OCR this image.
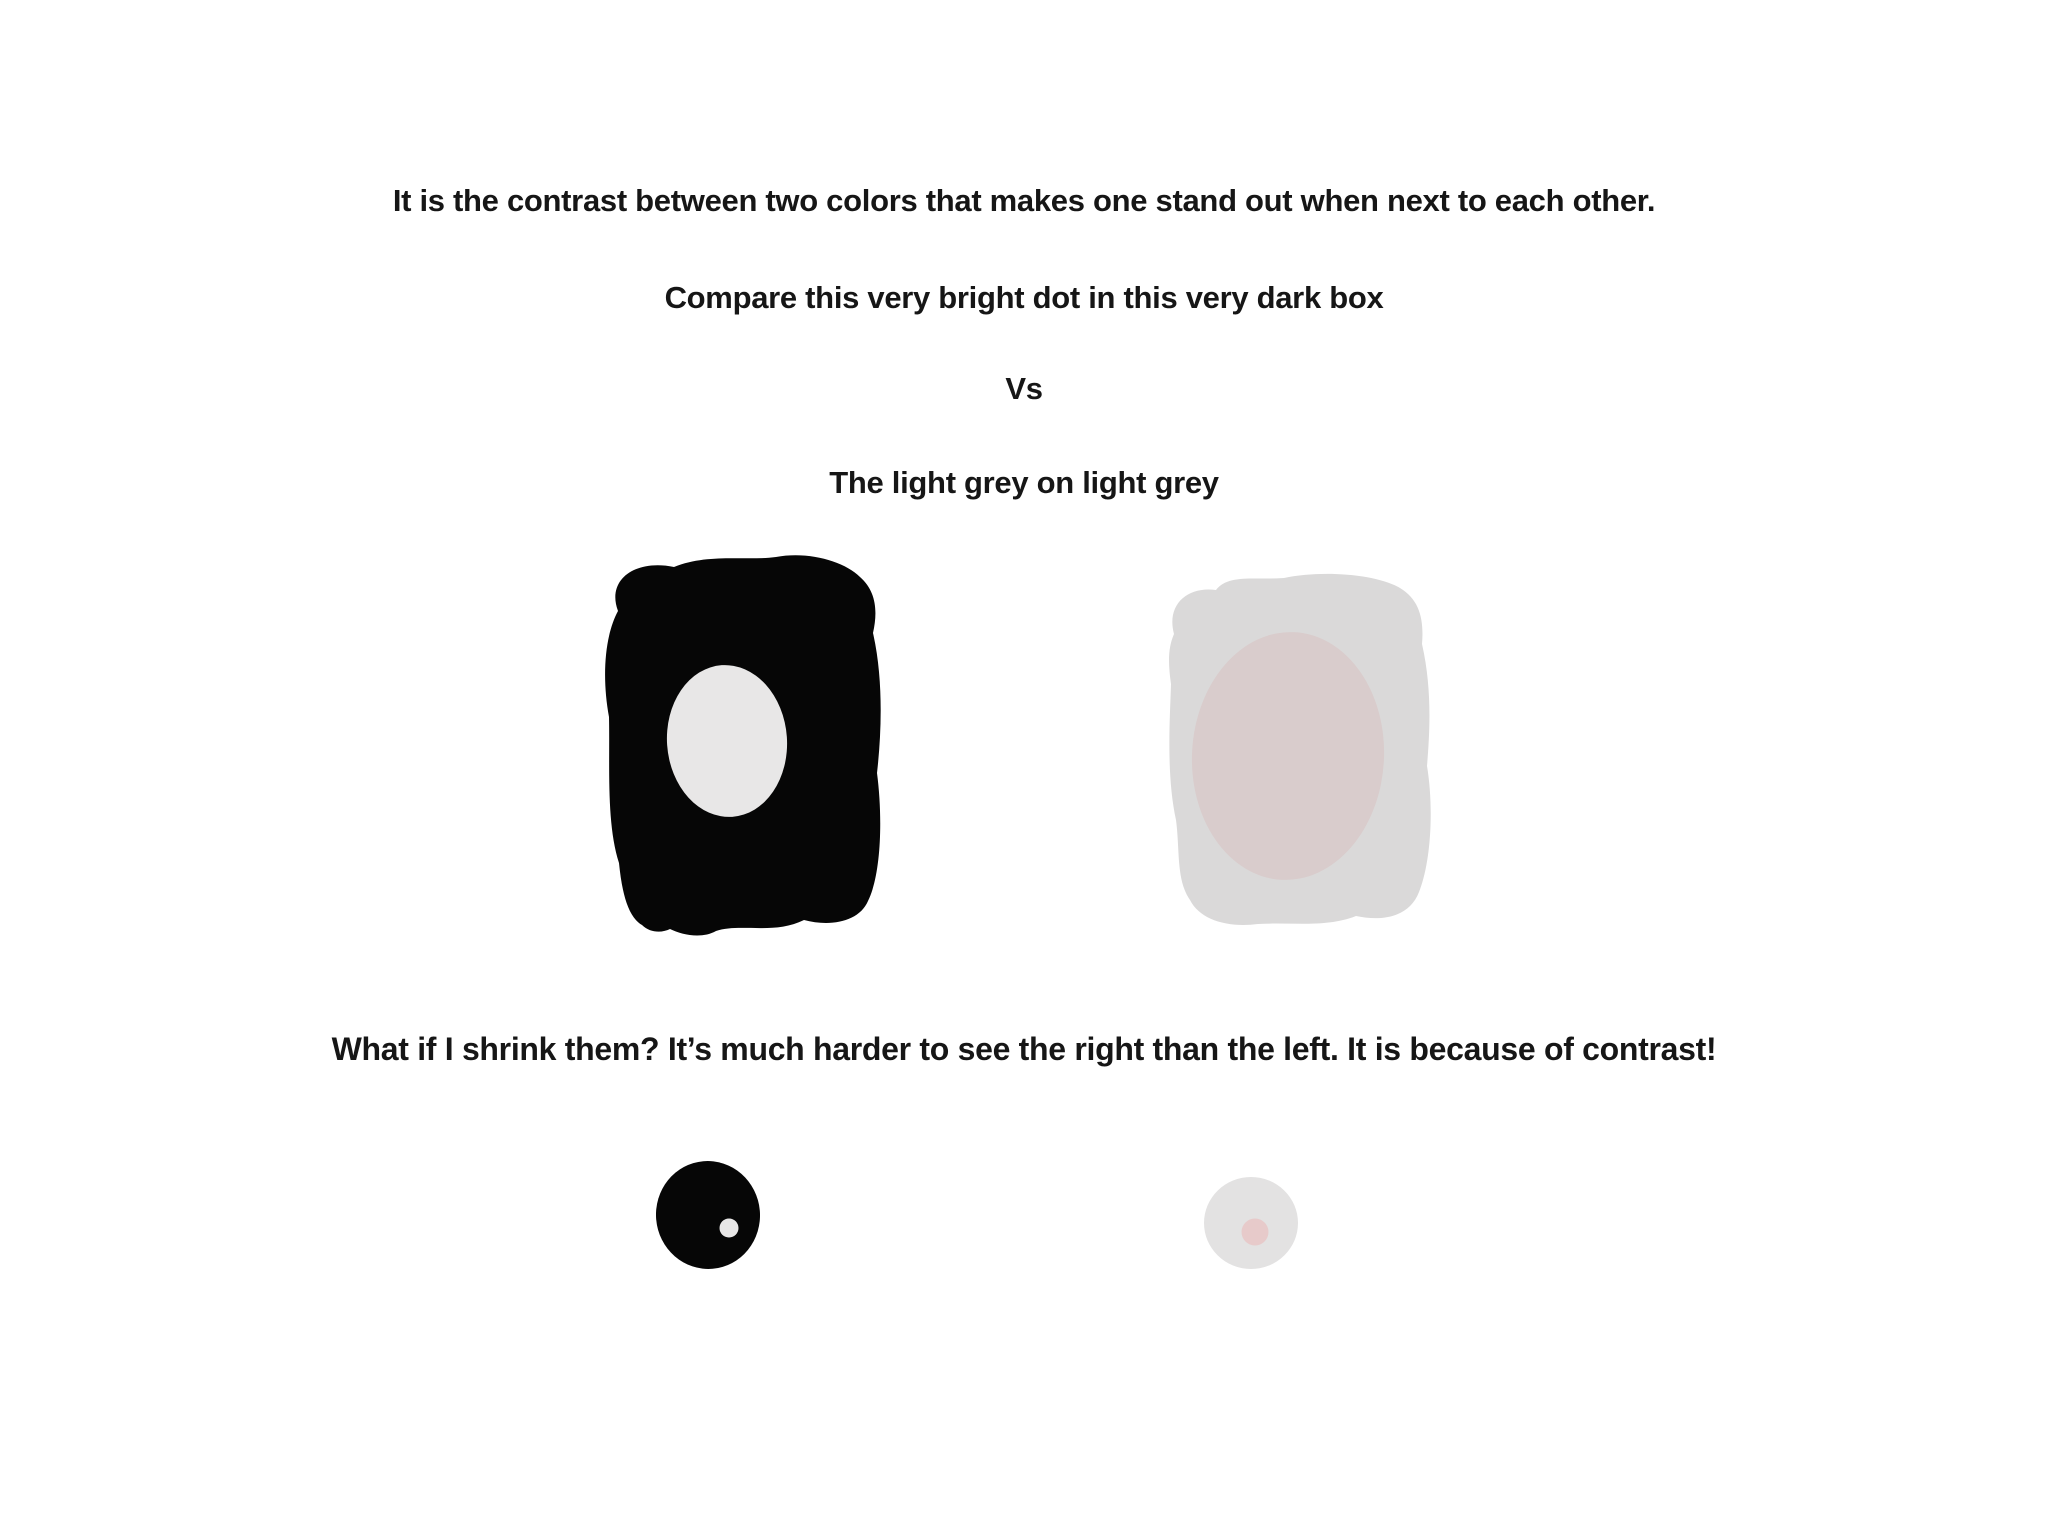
It is the contrast between two colors that makes one stand out when next to each other.
Compare this very bright dot in this very dark box
Vs
The light grey on light grey
What if I shrink them? It’s much harder to see the right than the left. It is because of contrast!
